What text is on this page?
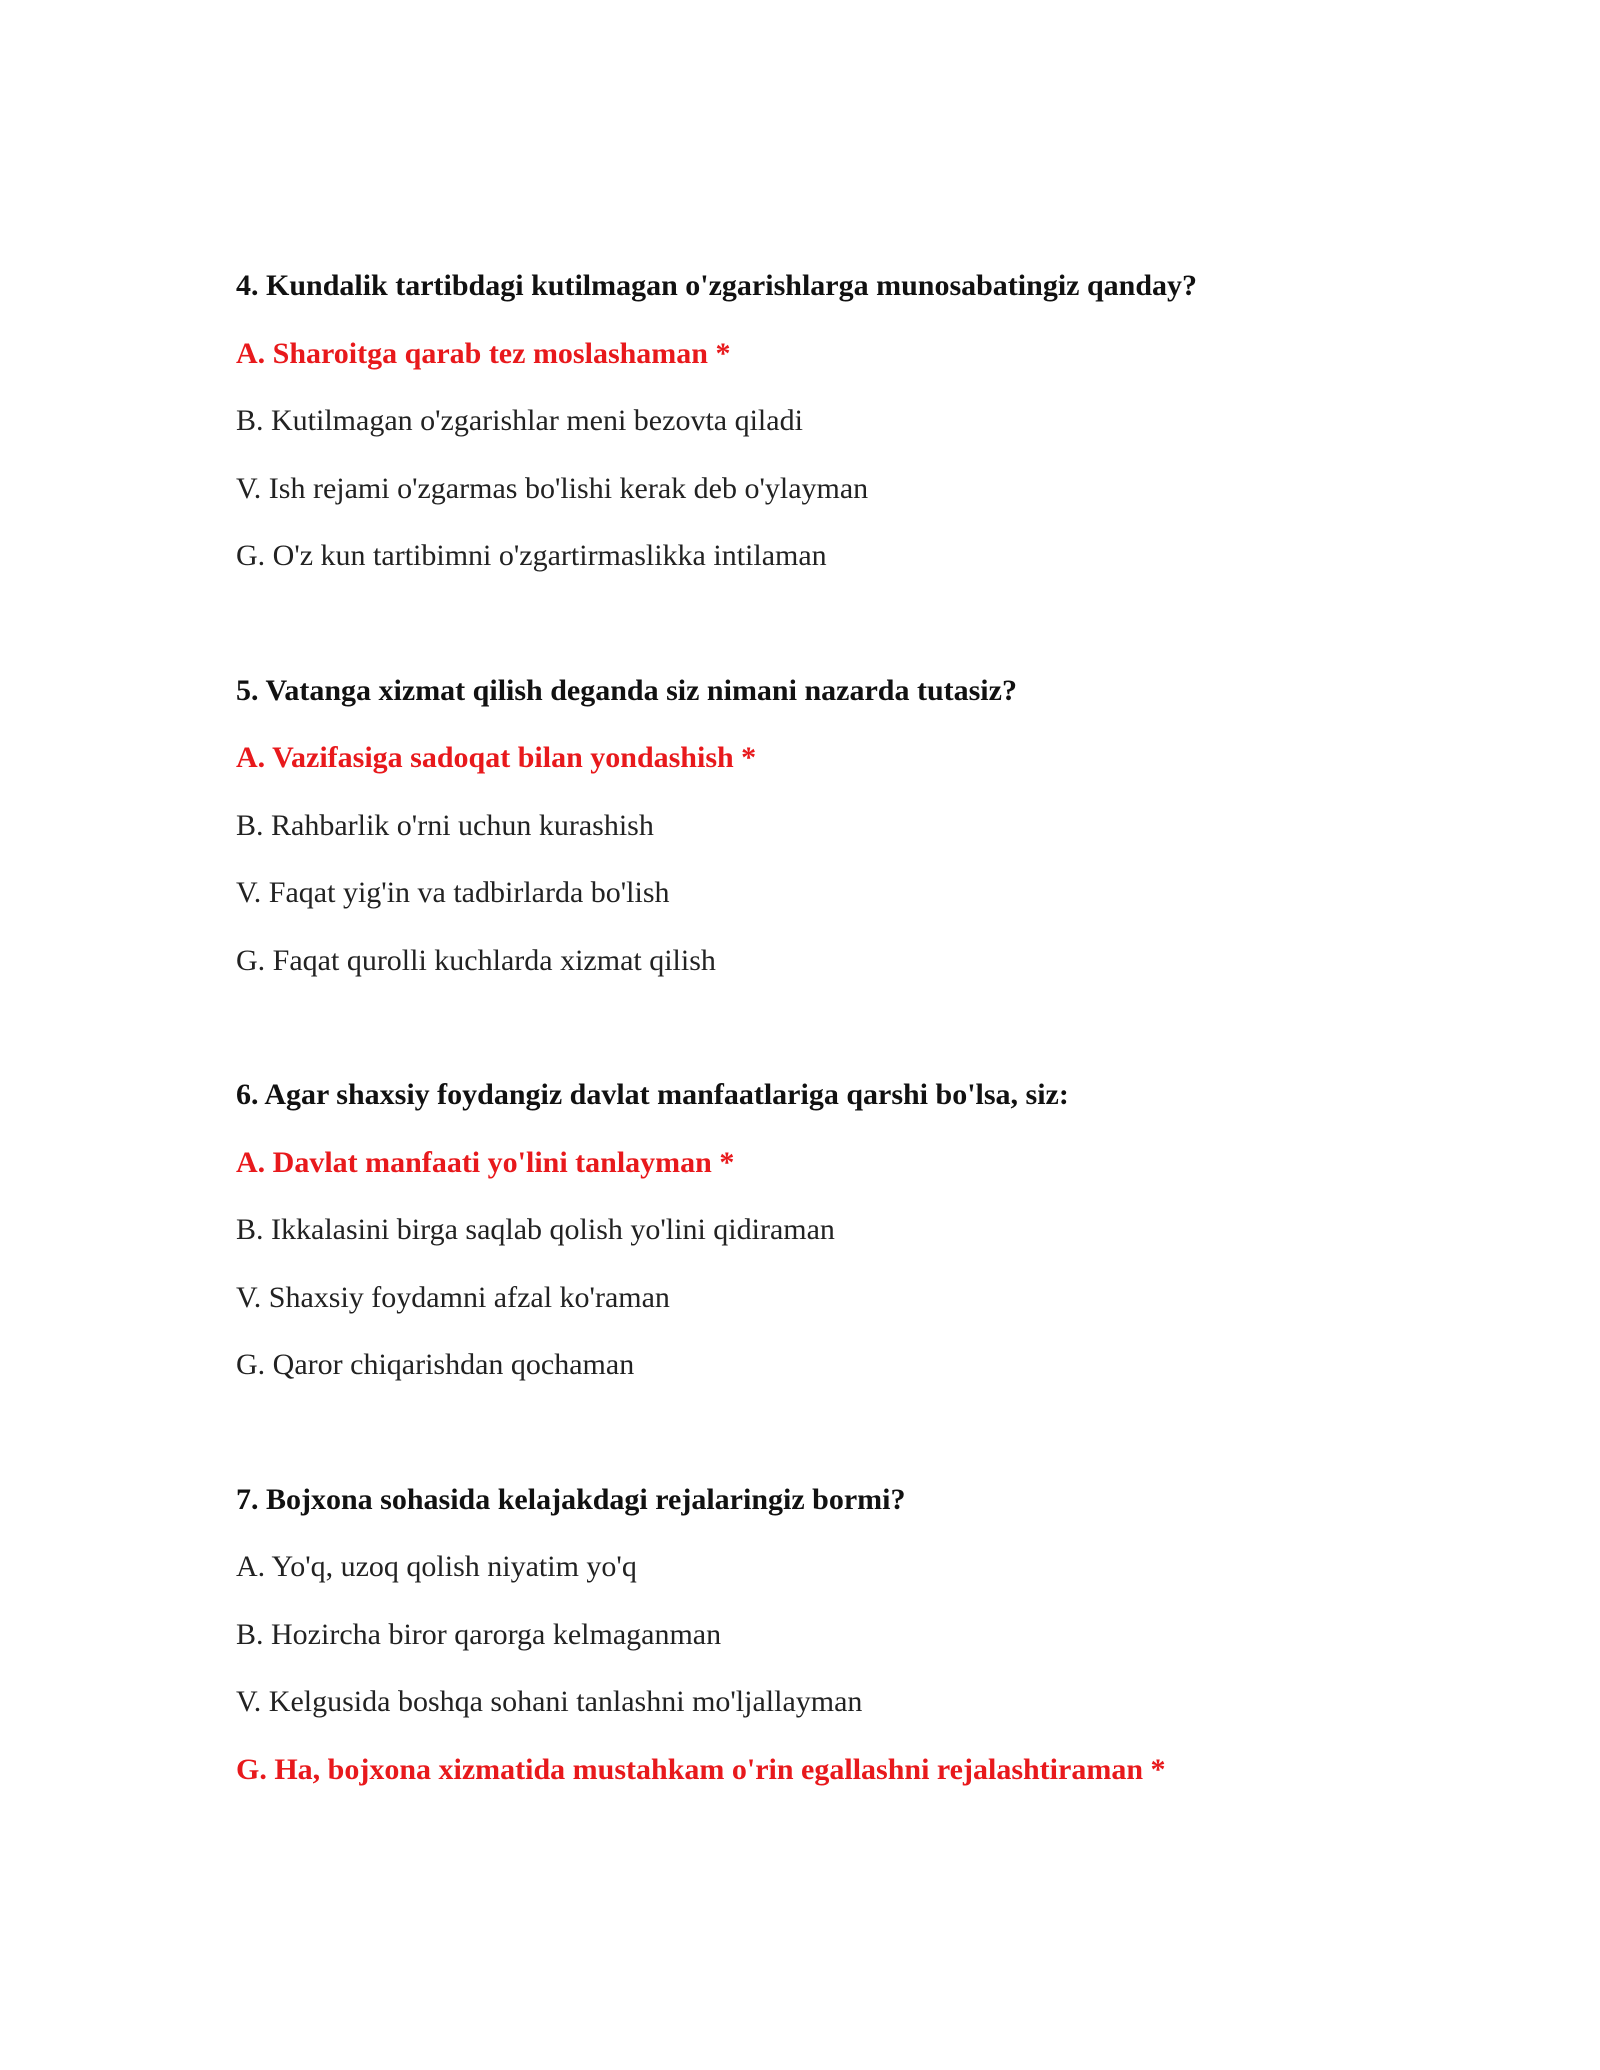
4. Kundalik tartibdagi kutilmagan o'zgarishlarga munosabatingiz qanday?
A. Sharoitga qarab tez moslashaman *
B. Kutilmagan o'zgarishlar meni bezovta qiladi
V. Ish rejami o'zgarmas bo'lishi kerak deb o'ylayman
G. O'z kun tartibimni o'zgartirmaslikka intilaman
5. Vatanga xizmat qilish deganda siz nimani nazarda tutasiz?
A. Vazifasiga sadoqat bilan yondashish *
B. Rahbarlik o'rni uchun kurashish
V. Faqat yig'in va tadbirlarda bo'lish
G. Faqat qurolli kuchlarda xizmat qilish
6. Agar shaxsiy foydangiz davlat manfaatlariga qarshi bo'lsa, siz:
A. Davlat manfaati yo'lini tanlayman *
B. Ikkalasini birga saqlab qolish yo'lini qidiraman
V. Shaxsiy foydamni afzal ko'raman
G. Qaror chiqarishdan qochaman
7. Bojxona sohasida kelajakdagi rejalaringiz bormi?
A. Yo'q, uzoq qolish niyatim yo'q
B. Hozircha biror qarorga kelmaganman
V. Kelgusida boshqa sohani tanlashni mo'ljallayman
G. Ha, bojxona xizmatida mustahkam o'rin egallashni rejalashtiraman *
